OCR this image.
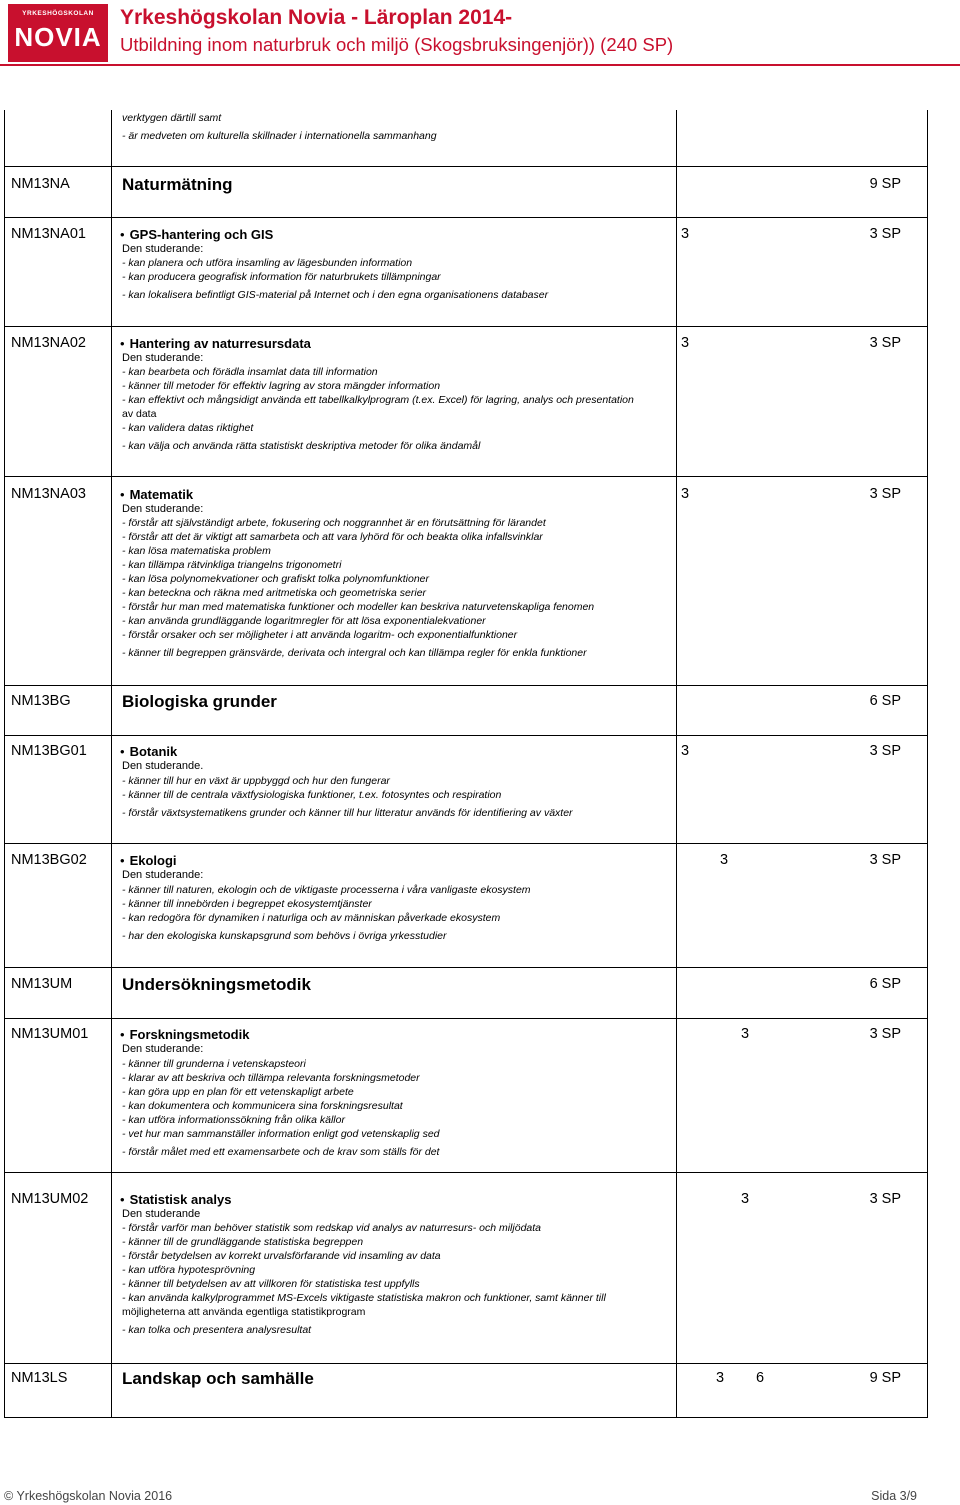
YRKESHÖGSKOLAN
NOVIA
Yrkeshögskolan Novia - Läroplan 2014-
Utbildning inom naturbruk och miljö (Skogsbruksingenjör)) (240 SP)
verktygen därtill samt
- är medveten om kulturella skillnader i internationella sammanhang
NM13NA	Naturmätning	9 SP
NM13NA01	• GPS-hantering och GIS	3	3 SP
Den studerande:
- kan planera och utföra insamling av lägesbunden information
- kan producera geografisk information för naturbrukets tillämpningar
- kan lokalisera befintligt GIS-material på Internet och i den egna organisationens databaser
NM13NA02	• Hantering av naturresursdata	3	3 SP
Den studerande:
- kan bearbeta och förädla insamlat data till information
- känner till metoder för effektiv lagring av stora mängder information
- kan effektivt och mångsidigt använda ett tabellkalkylprogram (t.ex. Excel) för lagring, analys och presentation
av data
- kan validera datas riktighet
- kan välja och använda rätta statistiskt deskriptiva metoder för olika ändamål
NM13NA03	• Matematik	3	3 SP
Den studerande:
- förstår att självständigt arbete, fokusering och noggrannhet är en förutsättning för lärandet
- förstår att det är viktigt att samarbeta och att vara lyhörd för och beakta olika infallsvinklar
- kan lösa matematiska problem
- kan tillämpa rätvinkliga triangelns trigonometri
- kan lösa polynomekvationer och grafiskt tolka polynomfunktioner
- kan beteckna och räkna med aritmetiska och geometriska serier
- förstår hur man med matematiska funktioner och modeller kan beskriva naturvetenskapliga fenomen
- kan använda grundläggande logaritmregler för att lösa exponentialekvationer
- förstår orsaker och ser möjligheter i att använda logaritm- och exponentialfunktioner
- känner till begreppen gränsvärde, derivata och intergral och kan tillämpa regler för enkla funktioner
NM13BG	Biologiska grunder	6 SP
NM13BG01	• Botanik	3	3 SP
Den studerande.
- känner till hur en växt är uppbyggd och hur den fungerar
- känner till de centrala växtfysiologiska funktioner, t.ex. fotosyntes och respiration
- förstår växtsystematikens grunder och känner till hur litteratur används för identifiering av växter
NM13BG02	• Ekologi	3	3 SP
Den studerande:
- känner till naturen, ekologin och de viktigaste processerna i våra vanligaste ekosystem
- känner till innebörden i begreppet ekosystemtjänster
- kan redogöra för dynamiken i naturliga och av människan påverkade ekosystem
- har den ekologiska kunskapsgrund som behövs i övriga yrkesstudier
NM13UM	Undersökningsmetodik	6 SP
NM13UM01	• Forskningsmetodik	3	3 SP
Den studerande:
- känner till grunderna i vetenskapsteori
- klarar av att beskriva och tillämpa relevanta forskningsmetoder
- kan göra upp en plan för ett vetenskapligt arbete
- kan dokumentera och kommunicera sina forskningsresultat
- kan utföra informationssökning från olika källor
- vet hur man sammanställer information enligt god vetenskaplig sed
- förstår målet med ett examensarbete och de krav som ställs för det
NM13UM02	• Statistisk analys	3	3 SP
Den studerande
- förstår varför man behöver statistik som redskap vid analys av naturresurs- och miljödata
- känner till de grundläggande statistiska begreppen
- förstår betydelsen av korrekt urvalsförfarande vid insamling av data
- kan utföra hypotesprövning
- känner till betydelsen av att villkoren för statistiska test uppfylls
- kan använda kalkylprogrammet MS-Excels viktigaste statistiska makron och funktioner, samt känner till
möjligheterna att använda egentliga statistikprogram
- kan tolka och presentera analysresultat
NM13LS	Landskap och samhälle	3 6	9 SP
© Yrkeshögskolan Novia 2016	Sida 3/9
